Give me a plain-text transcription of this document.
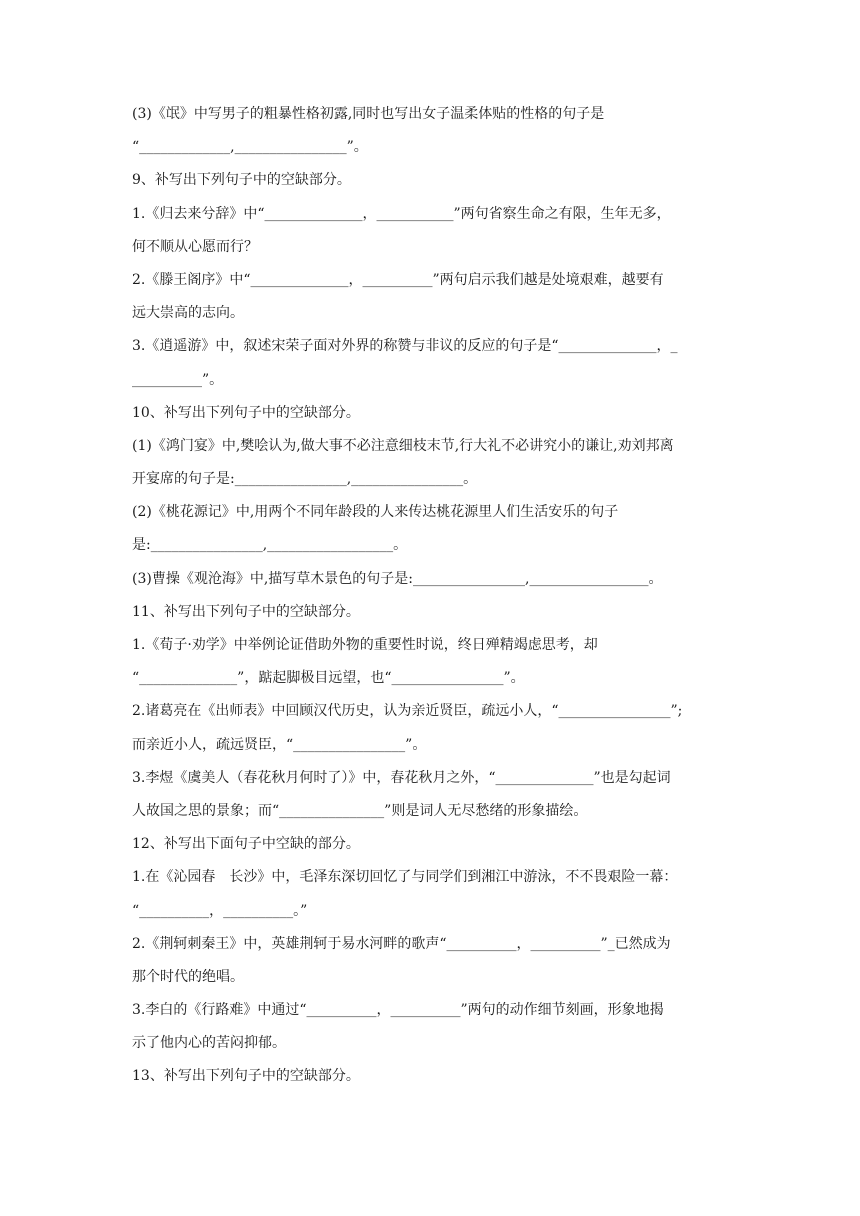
(3)《氓》中写男子的粗暴性格初露,同时也写出女子温柔体贴的性格的句子是
“_____________,________________”。
9、补写出下列句子中的空缺部分。
1.《归去来兮辞》中“______________，___________”两句省察生命之有限，生年无多，
何不顺从心愿而行？
2.《滕王阁序》中“______________，__________”两句启示我们越是处境艰难，越要有
远大崇高的志向。
3.《逍遥游》中，叙述宋荣子面对外界的称赞与非议的反应的句子是“______________，_
__________”。
10、补写出下列句子中的空缺部分。
(1)《鸿门宴》中,樊哙认为,做大事不必注意细枝末节,行大礼不必讲究小的谦让,劝刘邦离
开宴席的句子是:________________,________________。
(2)《桃花源记》中,用两个不同年龄段的人来传达桃花源里人们生活安乐的句子
是:________________,__________________。
(3)曹操《观沧海》中,描写草木景色的句子是:________________,_________________。
11、补写出下列句子中的空缺部分。
1.《荀子·劝学》中举例论证借助外物的重要性时说，终日殚精竭虑思考，却
“______________”，踮起脚极目远望，也“________________”。
2.诸葛亮在《出师表》中回顾汉代历史，认为亲近贤臣，疏远小人，“________________”;
而亲近小人，疏远贤臣，“________________”。
3.李煜《虞美人（春花秋月何时了）》中，春花秋月之外，“______________”也是勾起词
人故国之思的景象；而“_______________”则是词人无尽愁绪的形象描绘。
12、补写出下面句子中空缺的部分。
1.在《沁园春　长沙》中，毛泽东深切回忆了与同学们到湘江中游泳，不不畏艰险一幕：
“__________，__________。”
2.《荆轲刺秦王》中，英雄荆轲于易水河畔的歌声“__________，__________”_已然成为
那个时代的绝唱。
3.李白的《行路难》中通过“__________，__________”两句的动作细节刻画，形象地揭
示了他内心的苦闷抑郁。
13、补写出下列句子中的空缺部分。
